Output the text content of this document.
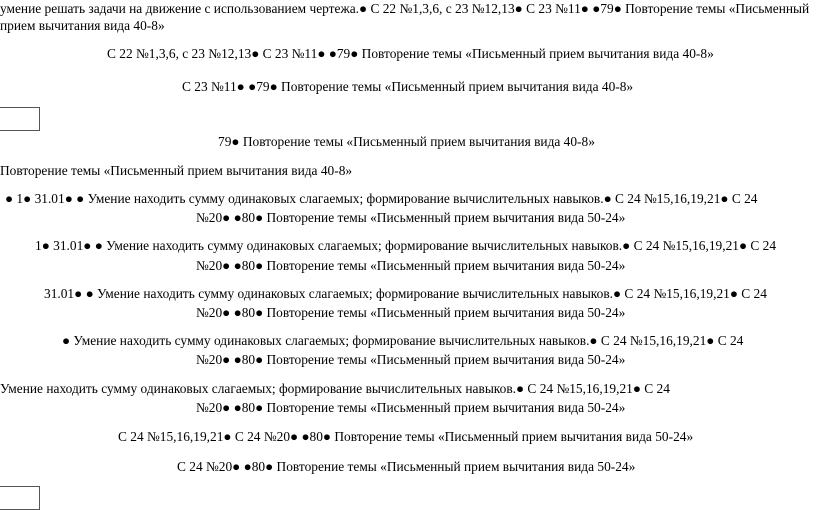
умение решать задачи на движение с использованием чертежа.● С 22 №1,3,6, с 23 №12,13● С 23 №11● ●79● Повторение темы «Письменный
прием вычитания вида 40-8»
С 22 №1,3,6, с 23 №12,13● С 23 №11● ●79● Повторение темы «Письменный прием вычитания вида 40-8»
С 23 №11● ●79● Повторение темы «Письменный прием вычитания вида 40-8»
79● Повторение темы «Письменный прием вычитания вида 40-8»
Повторение темы «Письменный прием вычитания вида 40-8»
● 1● 31.01● ● Умение находить сумму одинаковых слагаемых; формирование вычислительных навыков.● С 24 №15,16,19,21● С 24
№20● ●80● Повторение темы «Письменный прием вычитания вида 50-24»
1● 31.01● ● Умение находить сумму одинаковых слагаемых; формирование вычислительных навыков.● С 24 №15,16,19,21● С 24
№20● ●80● Повторение темы «Письменный прием вычитания вида 50-24»
31.01● ● Умение находить сумму одинаковых слагаемых; формирование вычислительных навыков.● С 24 №15,16,19,21● С 24
№20● ●80● Повторение темы «Письменный прием вычитания вида 50-24»
● Умение находить сумму одинаковых слагаемых; формирование вычислительных навыков.● С 24 №15,16,19,21● С 24
№20● ●80● Повторение темы «Письменный прием вычитания вида 50-24»
Умение находить сумму одинаковых слагаемых; формирование вычислительных навыков.● С 24 №15,16,19,21● С 24
№20● ●80● Повторение темы «Письменный прием вычитания вида 50-24»
С 24 №15,16,19,21● С 24 №20● ●80● Повторение темы «Письменный прием вычитания вида 50-24»
С 24 №20● ●80● Повторение темы «Письменный прием вычитания вида 50-24»
